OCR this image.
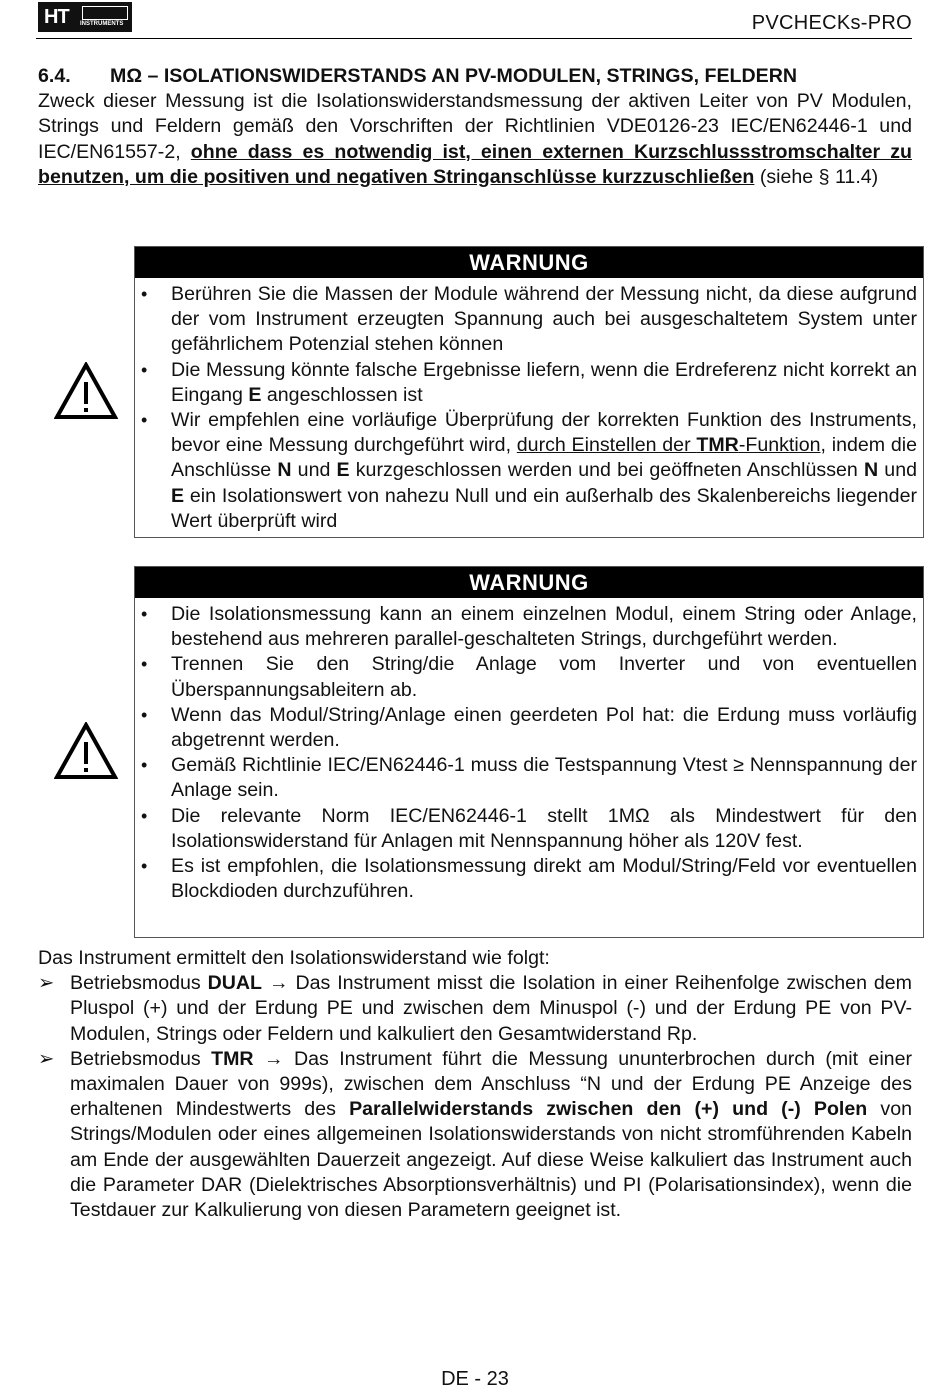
HT INSTRUMENTS	PVCHECKs-PRO
6.4. MΩ – ISOLATIONSWIDERSTANDS AN PV-MODULEN, STRINGS, FELDERN
Zweck dieser Messung ist die Isolationswiderstandsmessung der aktiven Leiter von PV Modulen, Strings und Feldern gemäß den Vorschriften der Richtlinien VDE0126-23 IEC/EN62446-1 und IEC/EN61557-2, ohne dass es notwendig ist, einen externen Kurzschlussstromschalter zu benutzen, um die positiven und negativen Stringanschlüsse kurzzuschließen (siehe § 11.4)
WARNUNG
• Berühren Sie die Massen der Module während der Messung nicht, da diese aufgrund der vom Instrument erzeugten Spannung auch bei ausgeschaltetem System unter gefährlichem Potenzial stehen können
• Die Messung könnte falsche Ergebnisse liefern, wenn die Erdreferenz nicht korrekt an Eingang E angeschlossen ist
• Wir empfehlen eine vorläufige Überprüfung der korrekten Funktion des Instruments, bevor eine Messung durchgeführt wird, durch Einstellen der TMR-Funktion, indem die Anschlüsse N und E kurzgeschlossen werden und bei geöffneten Anschlüssen N und E ein Isolationswert von nahezu Null und ein außerhalb des Skalenbereichs liegender Wert überprüft wird
WARNUNG
• Die Isolationsmessung kann an einem einzelnen Modul, einem String oder Anlage, bestehend aus mehreren parallel-geschalteten Strings, durchgeführt werden.
• Trennen Sie den String/die Anlage vom Inverter und von eventuellen Überspannungsableitern ab.
• Wenn das Modul/String/Anlage einen geerdeten Pol hat: die Erdung muss vorläufig abgetrennt werden.
• Gemäß Richtlinie IEC/EN62446-1 muss die Testspannung Vtest ≥ Nennspannung der Anlage sein.
• Die relevante Norm IEC/EN62446-1 stellt 1MΩ als Mindestwert für den Isolationswiderstand für Anlagen mit Nennspannung höher als 120V fest.
• Es ist empfohlen, die Isolationsmessung direkt am Modul/String/Feld vor eventuellen Blockdioden durchzuführen.
Das Instrument ermittelt den Isolationswiderstand wie folgt:
➢ Betriebsmodus DUAL → Das Instrument misst die Isolation in einer Reihenfolge zwischen dem Pluspol (+) und der Erdung PE und zwischen dem Minuspol (-) und der Erdung PE von PV-Modulen, Strings oder Feldern und kalkuliert den Gesamtwiderstand Rp.
➢ Betriebsmodus TMR → Das Instrument führt die Messung ununterbrochen durch (mit einer maximalen Dauer von 999s), zwischen dem Anschluss “N und der Erdung PE Anzeige des erhaltenen Mindestwerts des Parallelwiderstands zwischen den (+) und (-) Polen von Strings/Modulen oder eines allgemeinen Isolationswiderstands von nicht stromführenden Kabeln am Ende der ausgewählten Dauerzeit angezeigt. Auf diese Weise kalkuliert das Instrument auch die Parameter DAR (Dielektrisches Absorptionsverhältnis) und PI (Polarisationsindex), wenn die Testdauer zur Kalkulierung von diesen Parametern geeignet ist.
DE - 23
